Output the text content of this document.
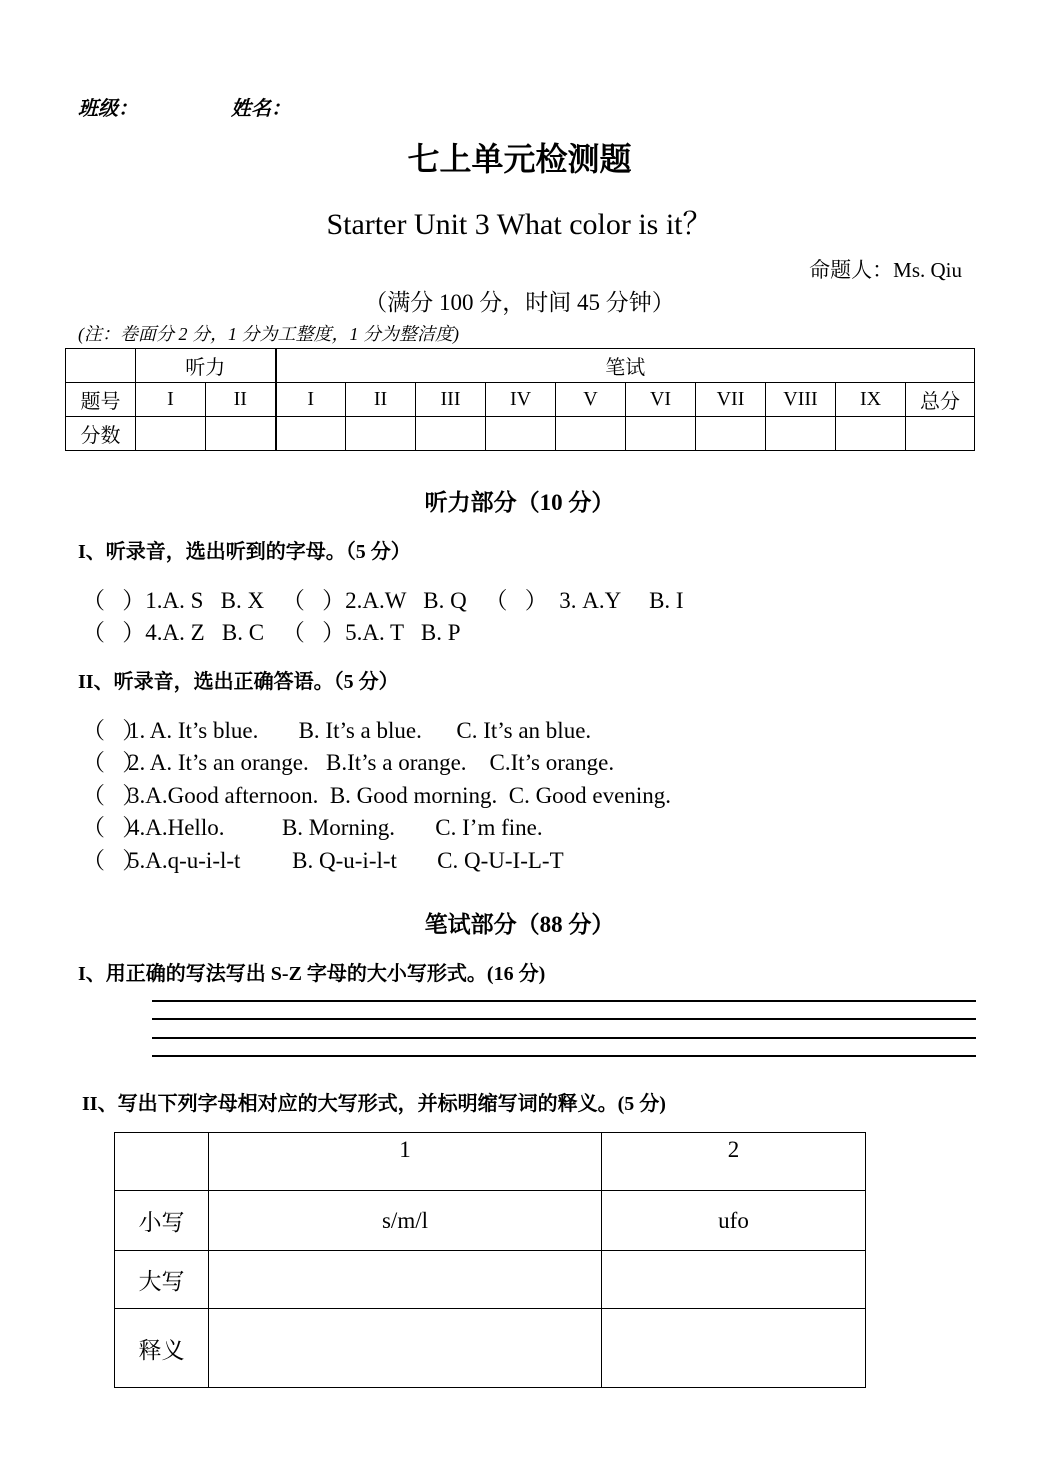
班级：	姓名：
七上单元检测题
Starter Unit 3 What color is it？
命题人：Ms. Qiu
（满分 100 分，时间 45 分钟）
(注：卷面分 2 分，1 分为工整度，1 分为整洁度)
	听力		笔试									
题号	I	II	I	II	III	IV	V	VI	VII	VIII	IX	总分
分数												
听力部分（10 分）
I、听录音，选出听到的字母。（5 分）
（   ）1.A. S   B. X （   ）2.A.W   B. Q （   ）  3. A.Y     B. I
（   ）4.A. Z   B. C （   ）5.A. T   B. P
II、听录音，选出正确答语。（5 分）
（   ）1. A. It’s blue.       B. It’s a blue.      C. It’s an blue.
（   ）2. A. It’s an orange.   B.It’s a orange.    C.It’s orange.
（   ）3.A.Good afternoon.  B. Good morning.  C. Good evening.
（   ）4.A.Hello.          B. Morning.       C. I’m fine.
（   ）5.A.q-u-i-l-t         B. Q-u-i-l-t       C. Q-U-I-L-T
笔试部分（88 分）
I、用正确的写法写出 S-Z 字母的大小写形式。(16 分)
II、写出下列字母相对应的大写形式，并标明缩写词的释义。(5 分)
	1	2
小写	s/m/l	ufo
大写		
释义		
